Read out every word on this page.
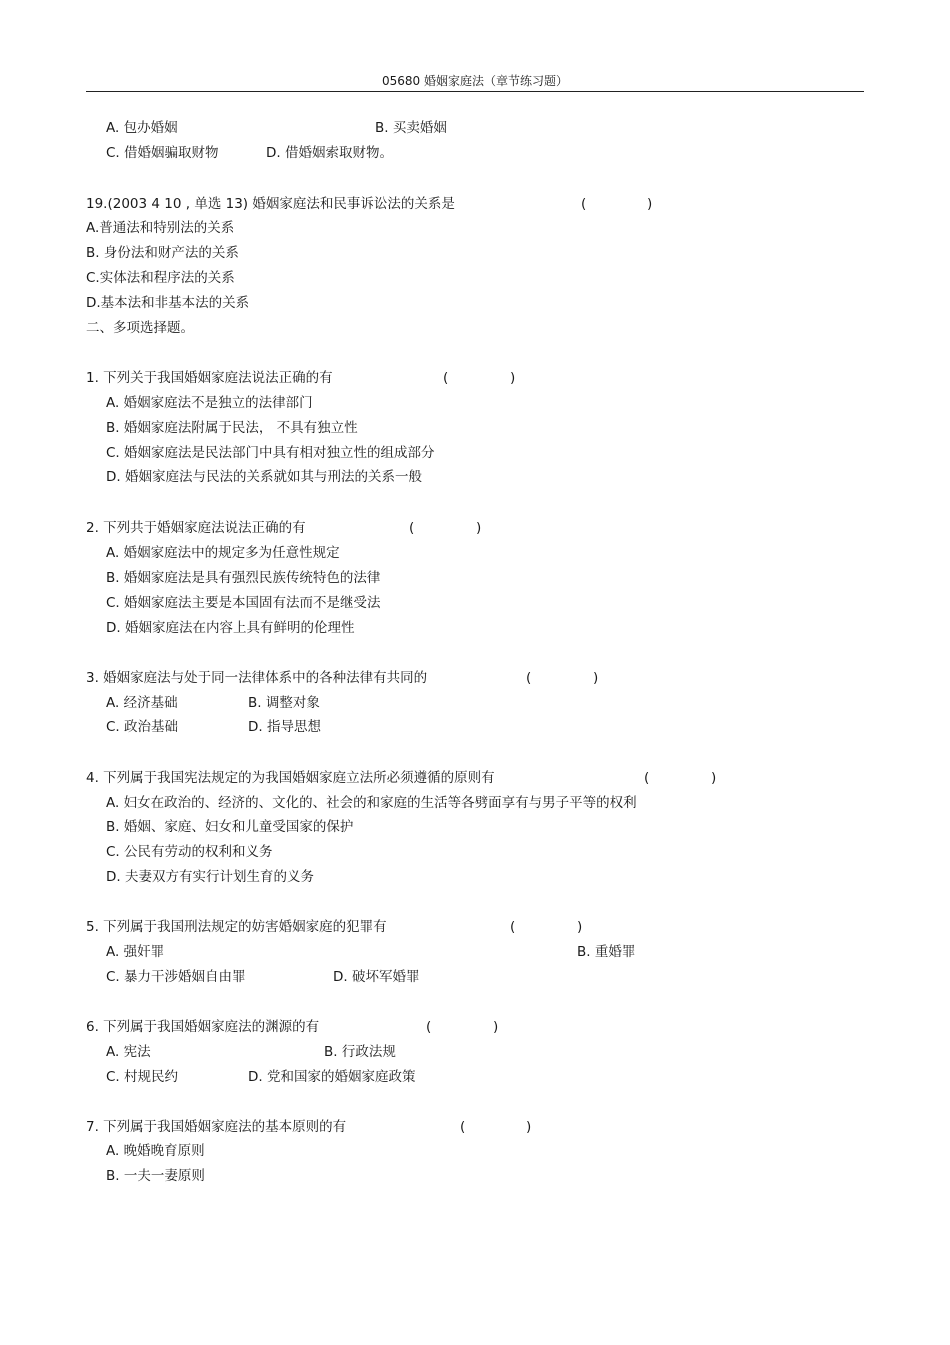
05680 婚姻家庭法（章节练习题）
A. 包办婚姻	B. 买卖婚姻
C. 借婚姻骗取财物	D. 借婚姻索取财物。
19.(2003 4 10 , 单选 13) 婚姻家庭法和民事诉讼法的关系是	(	)
A.普通法和特别法的关系
B. 身份法和财产法的关系
C.实体法和程序法的关系
D.基本法和非基本法的关系
二、多项选择题。
1. 下列关于我国婚姻家庭法说法正确的有	(	)
A. 婚姻家庭法不是独立的法律部门
B. 婚姻家庭法附属于民法， 不具有独立性
C. 婚姻家庭法是民法部门中具有相对独立性的组成部分
D. 婚姻家庭法与民法的关系就如其与刑法的关系一般
2. 下列共于婚姻家庭法说法正确的有	(	)
A. 婚姻家庭法中的规定多为任意性规定
B. 婚姻家庭法是具有强烈民族传统特色的法律
C. 婚姻家庭法主要是本国固有法而不是继受法
D. 婚姻家庭法在内容上具有鲜明的伦理性
3. 婚姻家庭法与处于同一法律体系中的各种法律有共同的	(	)
A. 经济基础	B. 调整对象
C. 政治基础	D. 指导思想
4. 下列属于我国宪法规定的为我国婚姻家庭立法所必须遵循的原则有	(	)
A. 妇女在政治的、经济的、文化的、社会的和家庭的生活等各劈面享有与男子平等的权利
B. 婚姻、家庭、妇女和儿童受国家的保护
C. 公民有劳动的权利和义务
D. 夫妻双方有实行计划生育的义务
5. 下列属于我国刑法规定的妨害婚姻家庭的犯罪有	(	)
A. 强奸罪	B. 重婚罪
C. 暴力干涉婚姻自由罪	D. 破坏军婚罪
6. 下列属于我国婚姻家庭法的渊源的有	(	)
A. 宪法	B. 行政法规
C. 村规民约	D. 党和国家的婚姻家庭政策
7. 下列属于我国婚姻家庭法的基本原则的有	(	)
A. 晚婚晚育原则
B. 一夫一妻原则
